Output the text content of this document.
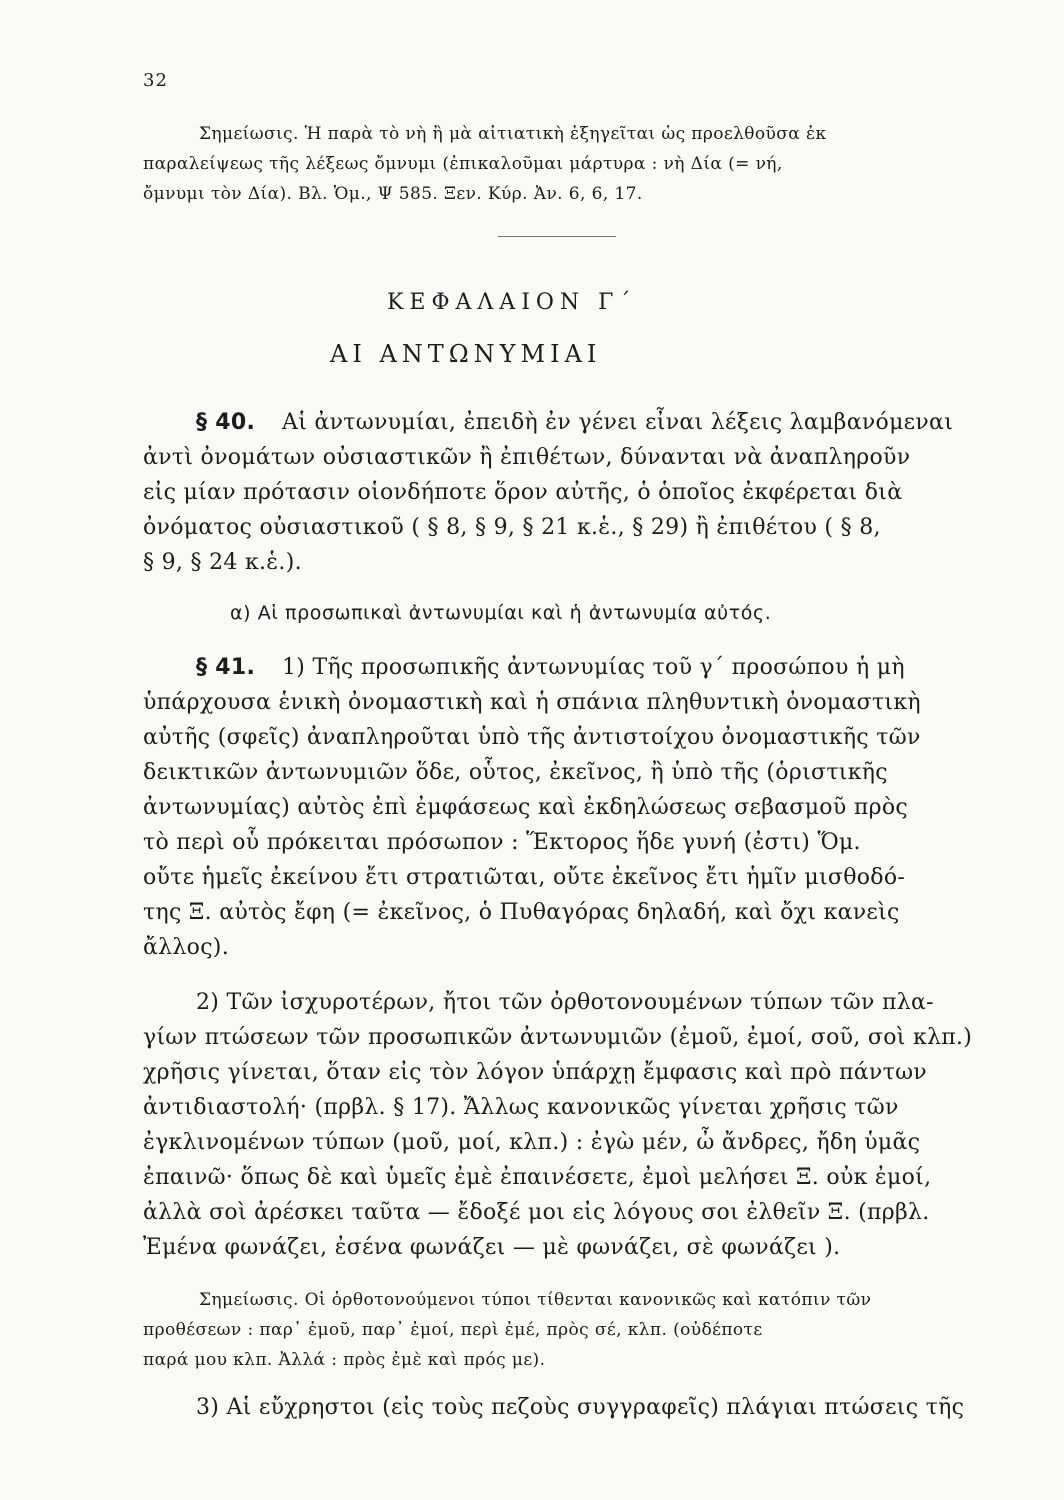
32
Σημείωσις. Ἡ παρὰ τὸ νὴ ἢ μὰ αἰτιατικὴ ἐξηγεῖται ὡς προελθοῦσα ἐκ
παραλείψεως τῆς λέξεως ὄμνυμι (ἐπικαλοῦμαι μάρτυρα : νὴ Δία (= νή,
ὄμνυμι τὸν Δία). Βλ. Ὁμ., Ψ 585. Ξεν. Κύρ. Ἀν. 6, 6, 17.
ΚΕΦΑΛΑΙΟΝ Γ΄
ΑΙ ΑΝΤΩΝΥΜΙΑΙ
§ 40. Αἱ ἀντωνυμίαι, ἐπειδὴ ἐν γένει εἶναι λέξεις λαμβανόμεναι
ἀντὶ ὀνομάτων οὐσιαστικῶν ἢ ἐπιθέτων, δύνανται νὰ ἀναπληροῦν
εἰς μίαν πρότασιν οἱονδήποτε ὅρον αὐτῆς, ὁ ὁποῖος ἐκφέρεται διὰ
ὀνόματος οὐσιαστικοῦ ( § 8, § 9, § 21 κ.ἑ., § 29) ἢ ἐπιθέτου ( § 8,
§ 9, § 24 κ.ἑ.).
α) Αἱ προσωπικαὶ ἀντωνυμίαι καὶ ἡ ἀντωνυμία αὐτός.
§ 41. 1) Τῆς προσωπικῆς ἀντωνυμίας τοῦ γ΄ προσώπου ἡ μὴ
ὑπάρχουσα ἑνικὴ ὀνομαστικὴ καὶ ἡ σπάνια πληθυντικὴ ὀνομαστικὴ
αὐτῆς (σφεῖς) ἀναπληροῦται ὑπὸ τῆς ἀντιστοίχου ὀνομαστικῆς τῶν
δεικτικῶν ἀντωνυμιῶν ὅδε, οὗτος, ἐκεῖνος, ἢ ὑπὸ τῆς (ὁριστικῆς
ἀντωνυμίας) αὐτὸς ἐπὶ ἐμφάσεως καὶ ἐκδηλώσεως σεβασμοῦ πρὸς
τὸ περὶ οὗ πρόκειται πρόσωπον : Ἕκτορος ἥδε γυνή (ἐστι) Ὅμ.
οὔτε ἡμεῖς ἐκείνου ἔτι στρατιῶται, οὔτε ἐκεῖνος ἔτι ἡμῖν μισθοδό-
της Ξ. αὐτὸς ἔφη (= ἐκεῖνος, ὁ Πυθαγόρας δηλαδή, καὶ ὄχι κανεὶς
ἄλλος).
2) Τῶν ἰσχυροτέρων, ἤτοι τῶν ὀρθοτονουμένων τύπων τῶν πλα-
γίων πτώσεων τῶν προσωπικῶν ἀντωνυμιῶν (ἐμοῦ, ἐμοί, σοῦ, σοὶ κλπ.)
χρῆσις γίνεται, ὅταν εἰς τὸν λόγον ὑπάρχῃ ἔμφασις καὶ πρὸ πάντων
ἀντιδιαστολή· (πρβλ. § 17). Ἄλλως κανονικῶς γίνεται χρῆσις τῶν
ἐγκλινομένων τύπων (μοῦ, μοί, κλπ.) : ἐγὼ μέν, ὦ ἄνδρες, ἤδη ὑμᾶς
ἐπαινῶ· ὅπως δὲ καὶ ὑμεῖς ἐμὲ ἐπαινέσετε, ἐμοὶ μελήσει Ξ. οὐκ ἐμοί,
ἀλλὰ σοὶ ἀρέσκει ταῦτα — ἔδοξέ μοι εἰς λόγους σοι ἐλθεῖν Ξ. (πρβλ.
Ἐμένα φωνάζει, ἐσένα φωνάζει — μὲ φωνάζει, σὲ φωνάζει ).
Σημείωσις. Οἱ ὀρθοτονούμενοι τύποι τίθενται κανονικῶς καὶ κατόπιν τῶν
προθέσεων : παρ᾽ ἐμοῦ, παρ᾽ ἐμοί, περὶ ἐμέ, πρὸς σέ, κλπ. (οὐδέποτε
παρά μου κλπ. Ἀλλά : πρὸς ἐμὲ καὶ πρός με).
3) Αἱ εὔχρηστοι (εἰς τοὺς πεζοὺς συγγραφεῖς) πλάγιαι πτώσεις τῆς
